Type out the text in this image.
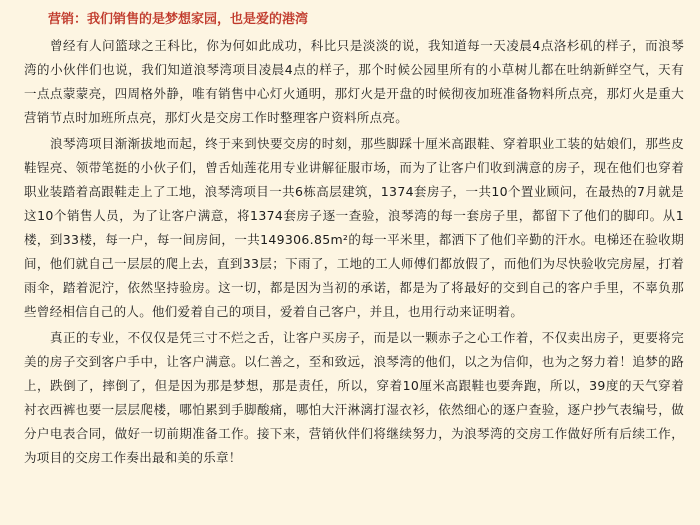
营销：我们销售的是梦想家园，也是爱的港湾

曾经有人问篮球之王科比，你为何如此成功，科比只是淡淡的说，我知道每一天凌晨4点洛杉矶的样子，而浪琴湾的小伙伴们也说，我们知道浪琴湾项目凌晨4点的样子，那个时候公园里所有的小草树儿都在吐纳新鲜空气，天有一点点蒙蒙亮，四周格外静，唯有销售中心灯火通明，那灯火是开盘的时候彻夜加班准备物料所点亮，那灯火是重大营销节点时加班所点亮，那灯火是交房工作时整理客户资料所点亮。

浪琴湾项目渐渐拔地而起，终于来到快要交房的时刻，那些脚踩十厘米高跟鞋、穿着职业工装的姑娘们，那些皮鞋锃亮、领带笔挺的小伙子们，曾舌灿莲花用专业讲解征服市场，而为了让客户们收到满意的房子，现在他们也穿着职业装踏着高跟鞋走上了工地，浪琴湾项目一共6栋高层建筑，1374套房子，一共10个置业顾问，在最热的7月就是这10个销售人员，为了让客户满意，将1374套房子逐一查验，浪琴湾的每一套房子里，都留下了他们的脚印。从1楼，到33楼，每一户，每一间房间，一共149306.85m²的每一平米里，都洒下了他们辛勤的汗水。电梯还在验收期间，他们就自己一层层的爬上去，直到33层；下雨了，工地的工人师傅们都放假了，而他们为尽快验收完房屋，打着雨伞，踏着泥泞，依然坚持验房。这一切，都是因为当初的承诺，都是为了将最好的交到自己的客户手里，不辜负那些曾经相信自己的人。他们爱着自己的项目，爱着自己客户，并且，也用行动来证明着。

真正的专业，不仅仅是凭三寸不烂之舌，让客户买房子，而是以一颗赤子之心工作着，不仅卖出房子，更要将完美的房子交到客户手中，让客户满意。以仁善之，至和致远，浪琴湾的他们，以之为信仰，也为之努力着！追梦的路上，跌倒了，摔倒了，但是因为那是梦想，那是责任，所以，穿着10厘米高跟鞋也要奔跑，所以，39度的天气穿着衬衣西裤也要一层层爬楼，哪怕累到手脚酸痛，哪怕大汗淋漓打湿衣衫，依然细心的逐户查验，逐户抄气表编号，做分户电表合同，做好一切前期准备工作。接下来，营销伙伴们将继续努力，为浪琴湾的交房工作做好所有后续工作，为项目的交房工作奏出最和美的乐章！
